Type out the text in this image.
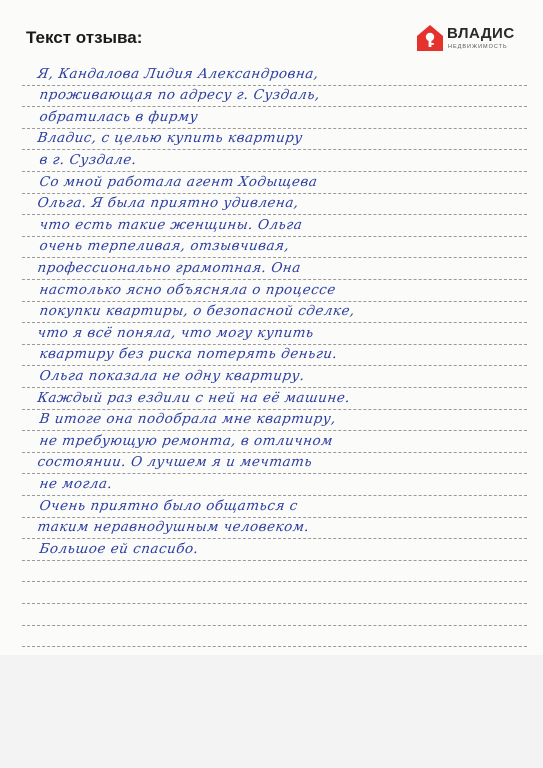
Текст отзыва:	ВЛАДИС
НЕДВИЖИМОСТЬ
Я, Кандалова Лидия Александровна,
проживающая по адресу г. Суздаль,
обратилась в фирму
Владис, с целью купить квартиру
в г. Суздале.
Со мной работала агент Ходыщева
Ольга. Я была приятно удивлена,
что есть такие женщины. Ольга
очень терпеливая, отзывчивая,
профессионально грамотная. Она
настолько ясно объясняла о процессе
покупки квартиры, о безопасной сделке,
что я всё поняла, что могу купить
квартиру без риска потерять деньги.
Ольга показала не одну квартиру.
Каждый раз ездили с ней на её машине.
В итоге она подобрала мне квартиру,
не требующую ремонта, в отличном
состоянии. О лучшем я и мечтать
не могла.
Очень приятно было общаться с
таким неравнодушным человеком.
Большое ей спасибо.
